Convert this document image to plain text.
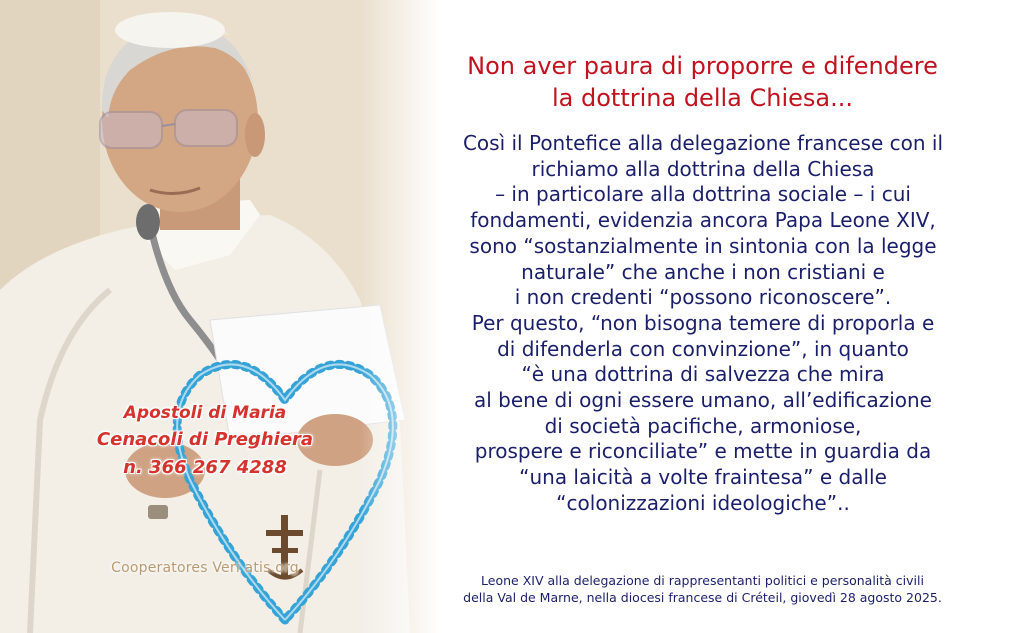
Apostoli di Maria
Cenacoli di Preghiera
n. 366 267 4288
Cooperatores Veri atis.org
Non aver paura di proporre e difendere
la dottrina della Chiesa...
Così il Pontefice alla delegazione francese con il
richiamo alla dottrina della Chiesa
– in particolare alla dottrina sociale – i cui
fondamenti, evidenzia ancora Papa Leone XIV,
sono “sostanzialmente in sintonia con la legge
naturale” che anche i non cristiani e
i non credenti “possono riconoscere”.
Per questo, “non bisogna temere di proporla e
di difenderla con convinzione”, in quanto
“è una dottrina di salvezza che mira
al bene di ogni essere umano, all’edificazione
di società pacifiche, armoniose,
prospere e riconciliate” e mette in guardia da
“una laicità a volte fraintesa” e dalle
“colonizzazioni ideologiche”..
Leone XIV alla delegazione di rappresentanti politici e personalità civili
della Val de Marne, nella diocesi francese di Créteil, giovedì 28 agosto 2025.
